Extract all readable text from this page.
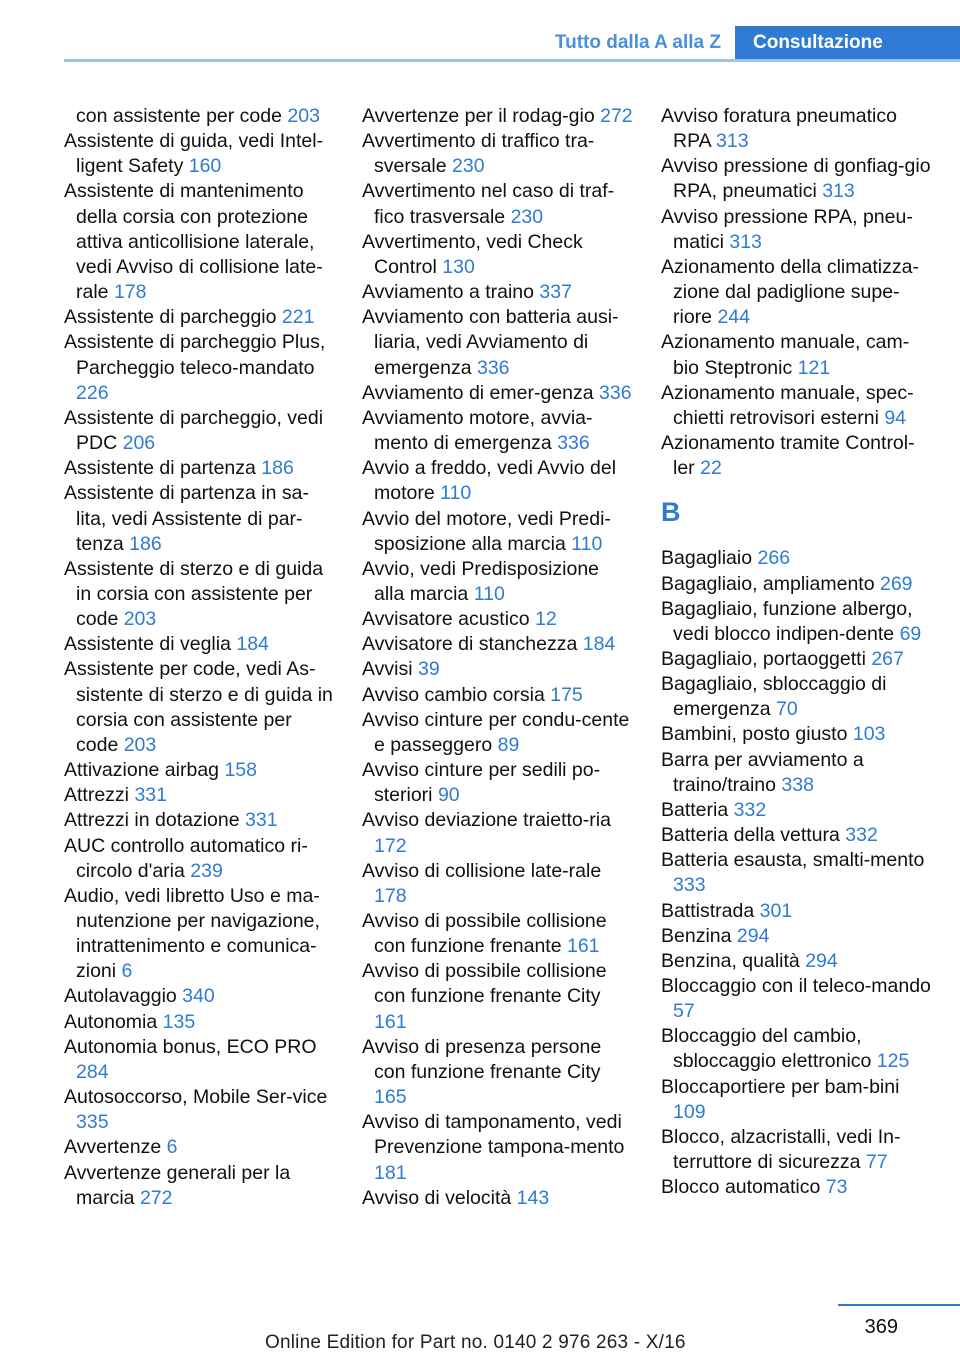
Tutto dalla A alla Z	Consultazione
con assistente per code 203
Assistente di guida, vedi Intel-ligent Safety 160
Assistente di mantenimento della corsia con protezione attiva anticollisione laterale, vedi Avviso di collisione late-rale 178
Assistente di parcheggio 221
Assistente di parcheggio Plus, Parcheggio teleco-mandato 226
Assistente di parcheggio, vedi PDC 206
Assistente di partenza 186
Assistente di partenza in sa-lita, vedi Assistente di par-tenza 186
Assistente di sterzo e di guida in corsia con assistente per code 203
Assistente di veglia 184
Assistente per code, vedi As-sistente di sterzo e di guida in corsia con assistente per code 203
Attivazione airbag 158
Attrezzi 331
Attrezzi in dotazione 331
AUC controllo automatico ri-circolo d'aria 239
Audio, vedi libretto Uso e ma-nutenzione per navigazione, intrattenimento e comunica-zioni 6
Autolavaggio 340
Autonomia 135
Autonomia bonus, ECO PRO 284
Autosoccorso, Mobile Ser-vice 335
Avvertenze 6
Avvertenze generali per la marcia 272
Avvertenze per il rodag-gio 272
Avvertimento di traffico tra-sversale 230
Avvertimento nel caso di traf-fico trasversale 230
Avvertimento, vedi Check Control 130
Avviamento a traino 337
Avviamento con batteria ausi-liaria, vedi Avviamento di emergenza 336
Avviamento di emer-genza 336
Avviamento motore, avvia-mento di emergenza 336
Avvio a freddo, vedi Avvio del motore 110
Avvio del motore, vedi Predi-sposizione alla marcia 110
Avvio, vedi Predisposizione alla marcia 110
Avvisatore acustico 12
Avvisatore di stanchezza 184
Avvisi 39
Avviso cambio corsia 175
Avviso cinture per condu-cente e passeggero 89
Avviso cinture per sedili po-steriori 90
Avviso deviazione traietto-ria 172
Avviso di collisione late-rale 178
Avviso di possibile collisione con funzione frenante 161
Avviso di possibile collisione con funzione frenante City 161
Avviso di presenza persone con funzione frenante City 165
Avviso di tamponamento, vedi Prevenzione tampona-mento 181
Avviso di velocità 143
Avviso foratura pneumatico RPA 313
Avviso pressione di gonfiag-gio RPA, pneumatici 313
Avviso pressione RPA, pneu-matici 313
Azionamento della climatizza-zione dal padiglione supe-riore 244
Azionamento manuale, cam-bio Steptronic 121
Azionamento manuale, spec-chietti retrovisori esterni 94
Azionamento tramite Control-ler 22
B
Bagagliaio 266
Bagagliaio, ampliamento 269
Bagagliaio, funzione albergo, vedi blocco indipen-dente 69
Bagagliaio, portaoggetti 267
Bagagliaio, sbloccaggio di emergenza 70
Bambini, posto giusto 103
Barra per avviamento a traino/traino 338
Batteria 332
Batteria della vettura 332
Batteria esausta, smalti-mento 333
Battistrada 301
Benzina 294
Benzina, qualità 294
Bloccaggio con il teleco-mando 57
Bloccaggio del cambio, sbloccaggio elettronico 125
Bloccaportiere per bam-bini 109
Blocco, alzacristalli, vedi In-terruttore di sicurezza 77
Blocco automatico 73
369
Online Edition for Part no. 0140 2 976 263 - X/16
